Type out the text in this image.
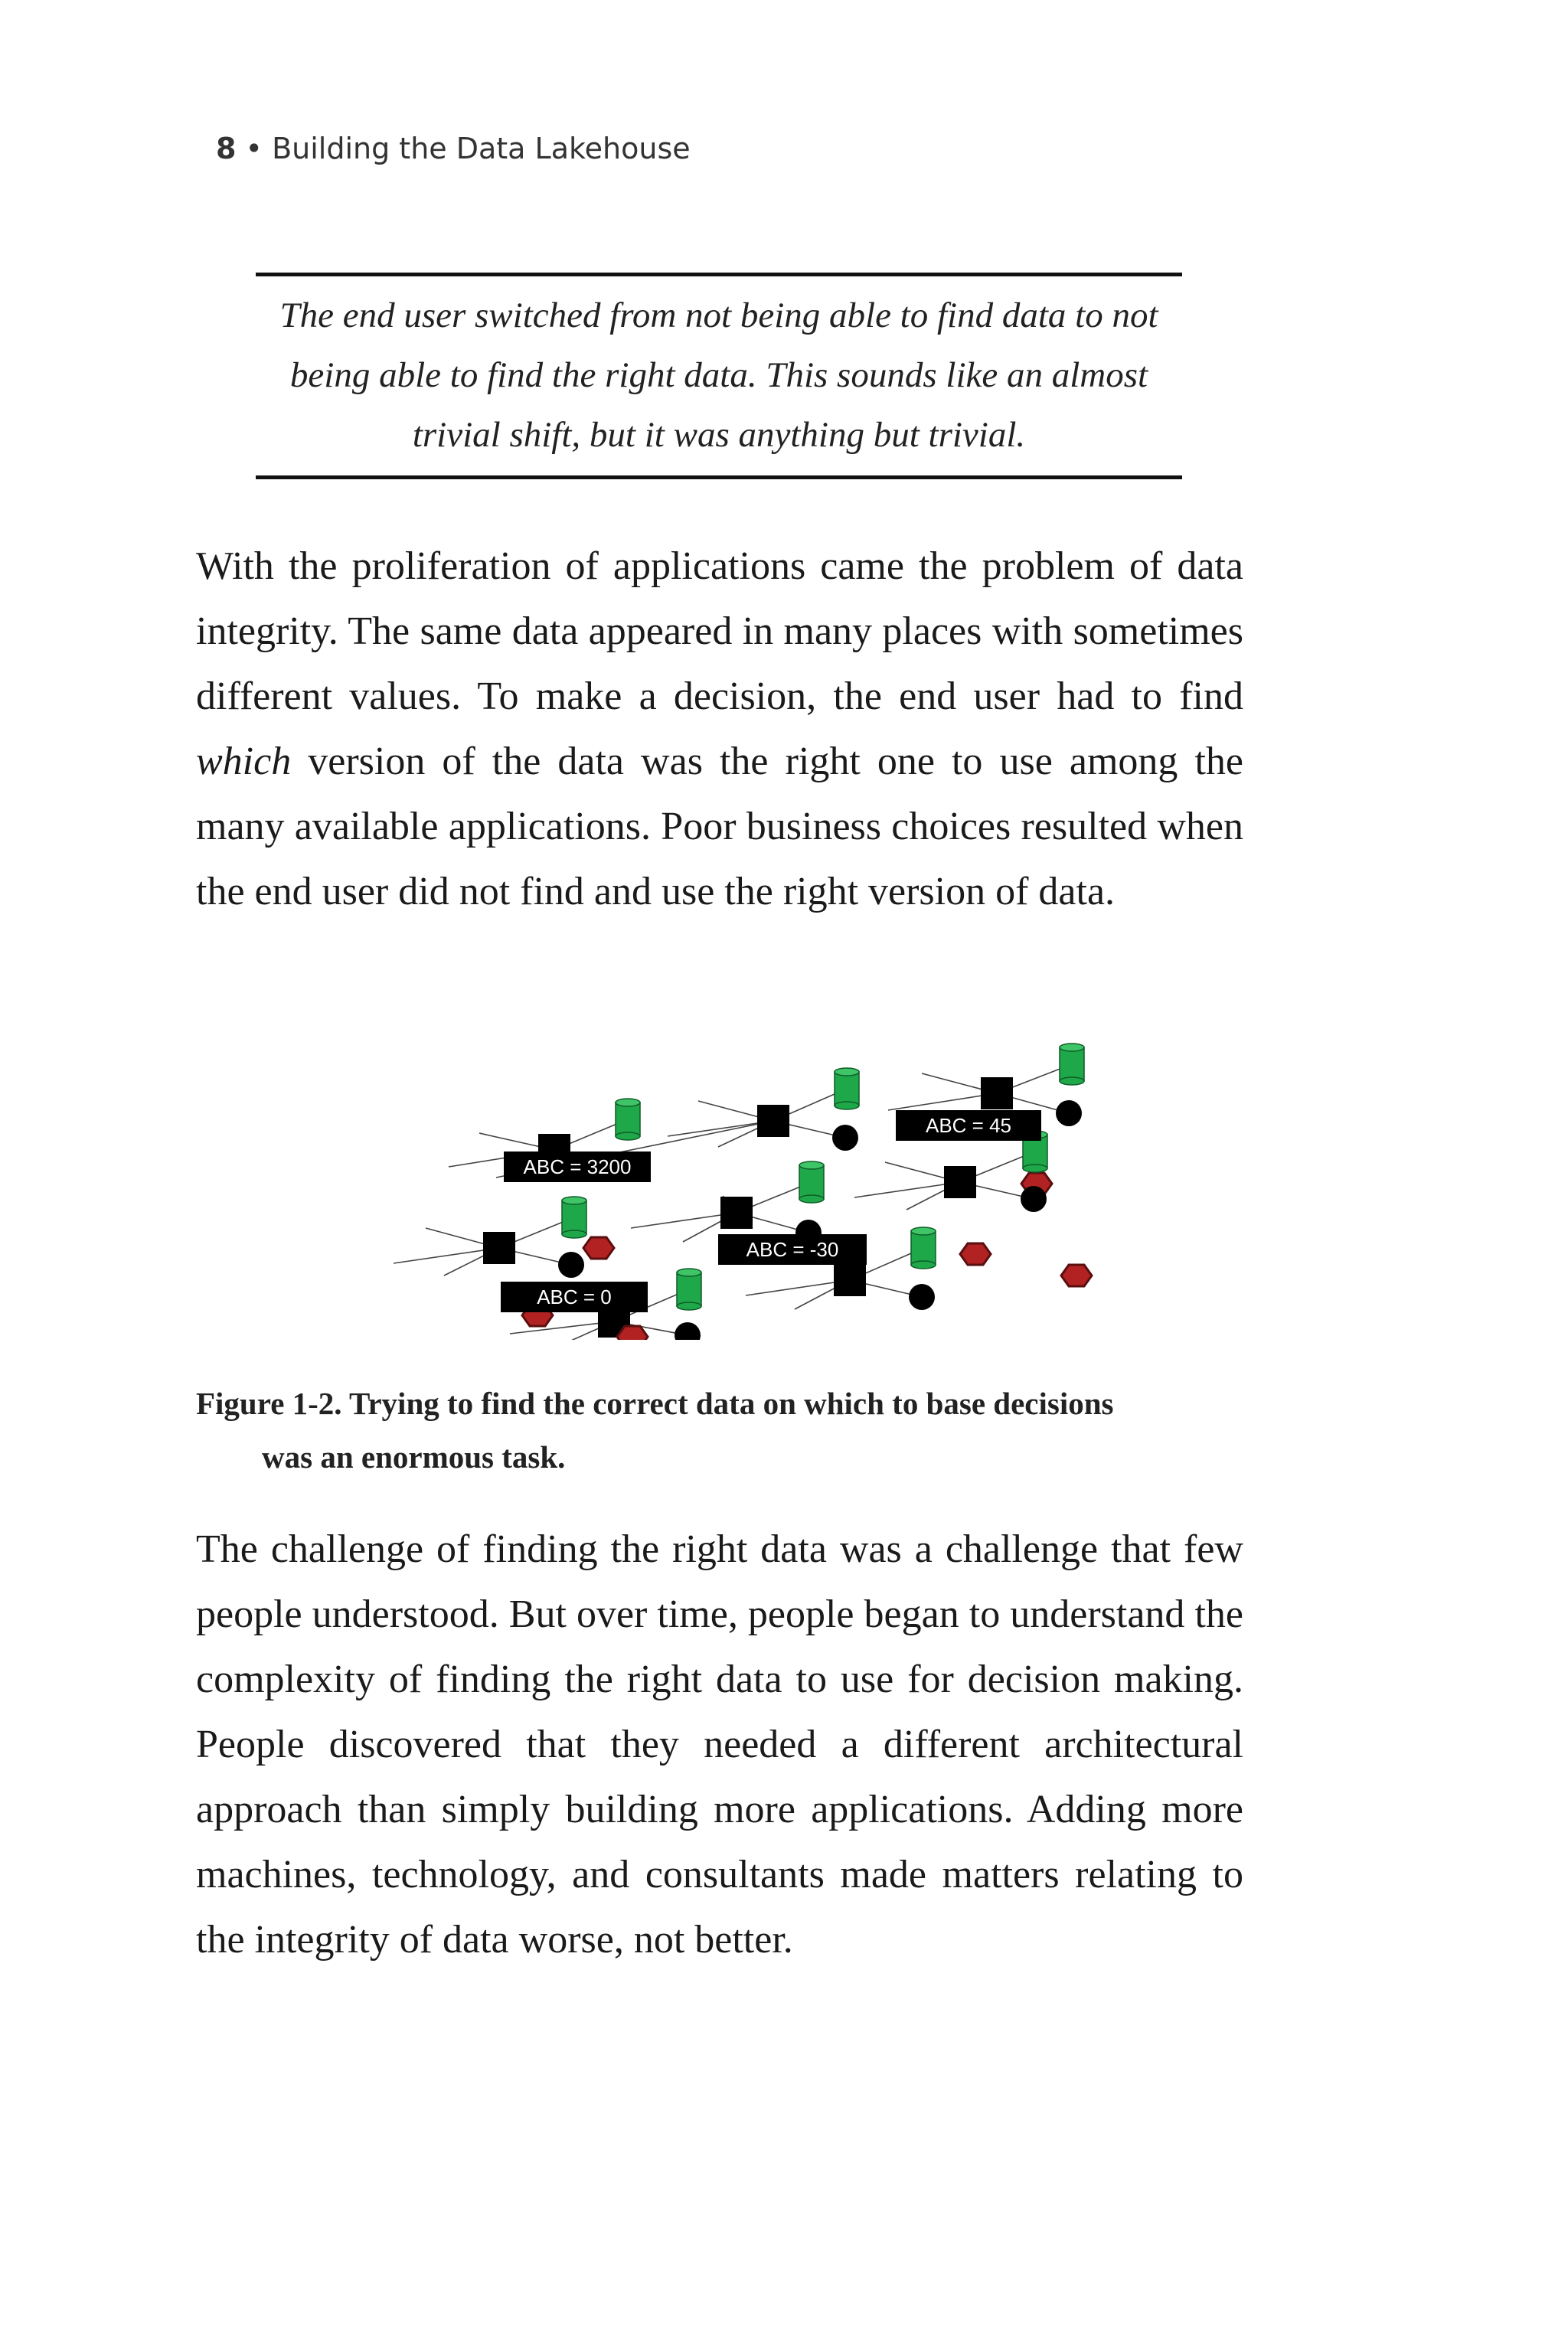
8 • Building the Data Lakehouse
The end user switched from not being able to find data to not
being able to find the right data. This sounds like an almost
trivial shift, but it was anything but trivial.

With the proliferation of applications came the problem of data integrity. The same data appeared in many places with sometimes different values. To make a decision, the end user had to find which version of the data was the right one to use among the many available applications. Poor business choices resulted when the end user did not find and use the right version of data.

ABC = 3200
ABC = 45
ABC = -30
ABC = 0
Figure 1-2. Trying to find the correct data on which to base decisions
was an enormous task.

The challenge of finding the right data was a challenge that few people understood. But over time, people began to understand the complexity of finding the right data to use for decision making. People discovered that they needed a different architectural approach than simply building more applications. Adding more machines, technology, and consultants made matters relating to the integrity of data worse, not better.
